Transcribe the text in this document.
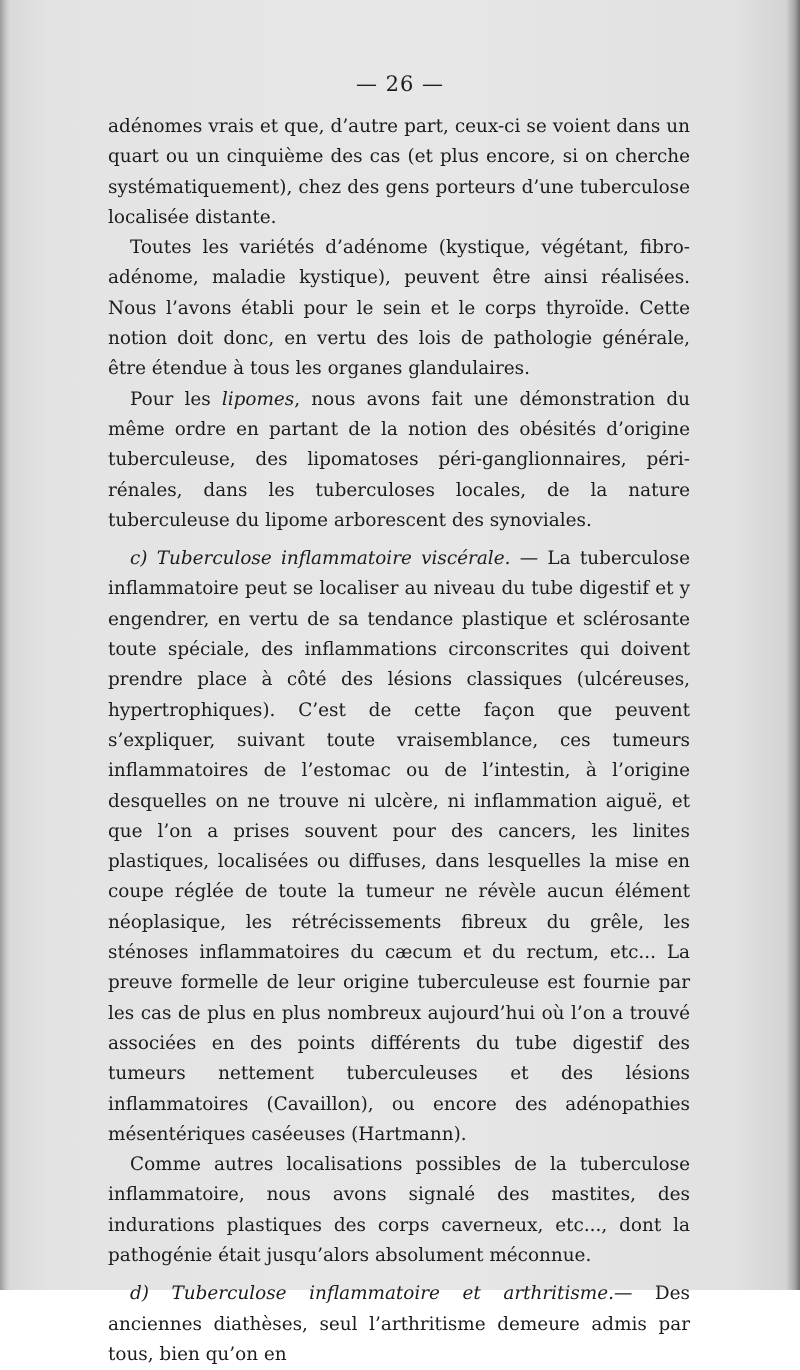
— 26 —

adénomes vrais et que, d’autre part, ceux-ci se voient dans un quart ou un cinquième des cas (et plus encore, si on cherche systématiquement), chez des gens porteurs d’une tuberculose localisée distante.

Toutes les variétés d’adénome (kystique, végétant, fibro-adénome, maladie kystique), peuvent être ainsi réalisées. Nous l’avons établi pour le sein et le corps thyroïde. Cette notion doit donc, en vertu des lois de pathologie générale, être étendue à tous les organes glandulaires.

Pour les lipomes, nous avons fait une démonstration du même ordre en partant de la notion des obésités d’origine tuberculeuse, des lipomatoses péri-ganglionnaires, péri-rénales, dans les tuberculoses locales, de la nature tuberculeuse du lipome arborescent des synoviales.

c) Tuberculose inflammatoire viscérale. — La tuberculose inflammatoire peut se localiser au niveau du tube digestif et y engendrer, en vertu de sa tendance plastique et sclérosante toute spéciale, des inflammations circonscrites qui doivent prendre place à côté des lésions classiques (ulcéreuses, hypertrophiques). C’est de cette façon que peuvent s’expliquer, suivant toute vraisemblance, ces tumeurs inflammatoires de l’estomac ou de l’intestin, à l’origine desquelles on ne trouve ni ulcère, ni inflammation aiguë, et que l’on a prises souvent pour des cancers, les linites plastiques, localisées ou diffuses, dans lesquelles la mise en coupe réglée de toute la tumeur ne révèle aucun élément néoplasique, les rétrécissements fibreux du grêle, les sténoses inflammatoires du cæcum et du rectum, etc... La preuve formelle de leur origine tuberculeuse est fournie par les cas de plus en plus nombreux aujourd’hui où l’on a trouvé associées en des points différents du tube digestif des tumeurs nettement tuberculeuses et des lésions inflammatoires (Cavaillon), ou encore des adénopathies mésentériques caséeuses (Hartmann).

Comme autres localisations possibles de la tuberculose inflammatoire, nous avons signalé des mastites, des indurations plastiques des corps caverneux, etc..., dont la pathogénie était jusqu’alors absolument méconnue.

d) Tuberculose inflammatoire et arthritisme.— Des anciennes diathèses, seul l’arthritisme demeure admis par tous, bien qu’on en
